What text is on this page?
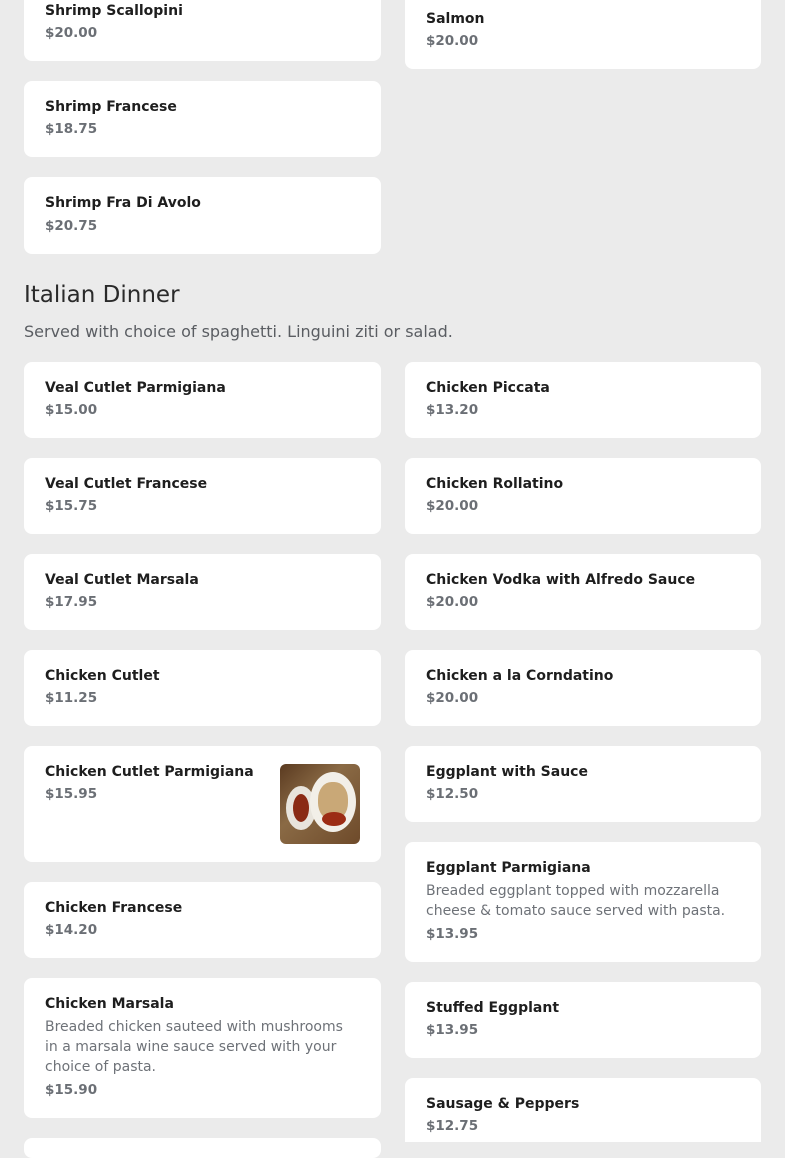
Shrimp Scallopini
$20.00
Salmon
$20.00
Shrimp Francese
$18.75
Shrimp Fra Di Avolo
$20.75
Italian Dinner
Served with choice of spaghetti. Linguini ziti or salad.
Veal Cutlet Parmigiana
$15.00
Veal Cutlet Francese
$15.75
Veal Cutlet Marsala
$17.95
Chicken Cutlet
$11.25
Chicken Cutlet Parmigiana
$15.95
Chicken Francese
$14.20
Chicken Marsala
Breaded chicken sauteed with mushrooms in a marsala wine sauce served with your choice of pasta.
$15.90
Chicken Piccata
$13.20
Chicken Rollatino
$20.00
Chicken Vodka with Alfredo Sauce
$20.00
Chicken a la Corndatino
$20.00
Eggplant with Sauce
$12.50
Eggplant Parmigiana
Breaded eggplant topped with mozzarella cheese & tomato sauce served with pasta.
$13.95
Stuffed Eggplant
$13.95
Sausage & Peppers
$12.75
